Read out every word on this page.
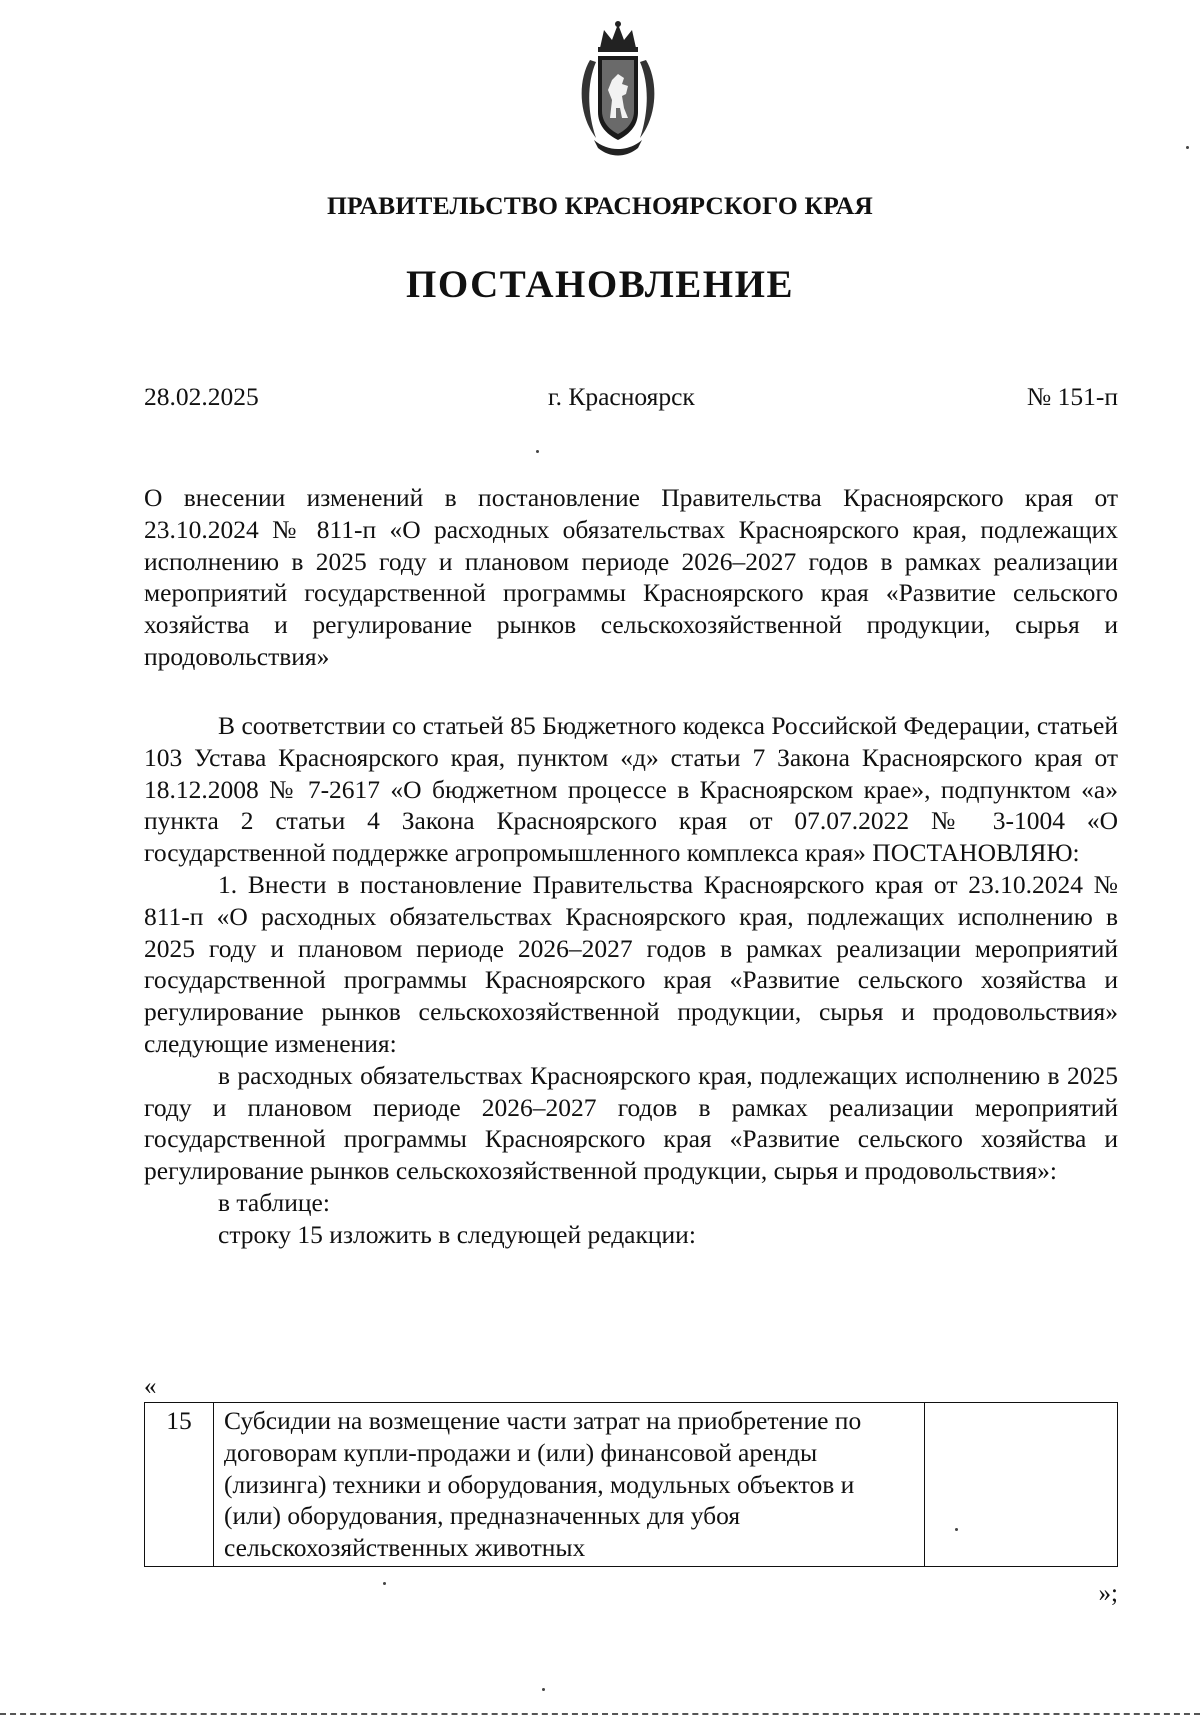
ПРАВИТЕЛЬСТВО КРАСНОЯРСКОГО КРАЯ
ПОСТАНОВЛЕНИЕ
28.02.2025	г. Красноярск	№ 151-п
О внесении изменений в постановление Правительства Красноярского края от 23.10.2024 № 811-п «О расходных обязательствах Красноярского края, подлежащих исполнению в 2025 году и плановом периоде 2026–2027 годов в рамках реализации мероприятий государственной программы Красноярского края «Развитие сельского хозяйства и регулирование рынков сельскохозяйственной продукции, сырья и продовольствия»

В соответствии со статьей 85 Бюджетного кодекса Российской Федерации, статьей 103 Устава Красноярского края, пунктом «д» статьи 7 Закона Красноярского края от 18.12.2008 № 7-2617 «О бюджетном процессе в Красноярском крае», подпунктом «а» пункта 2 статьи 4 Закона Красноярского края от 07.07.2022 № 3-1004 «О государственной поддержке агропромышленного комплекса края» ПОСТАНОВЛЯЮ:

1. Внести в постановление Правительства Красноярского края от 23.10.2024 № 811-п «О расходных обязательствах Красноярского края, подлежащих исполнению в 2025 году и плановом периоде 2026–2027 годов в рамках реализации мероприятий государственной программы Красноярского края «Развитие сельского хозяйства и регулирование рынков сельскохозяйственной продукции, сырья и продовольствия» следующие изменения:

в расходных обязательствах Красноярского края, подлежащих исполнению в 2025 году и плановом периоде 2026–2027 годов в рамках реализации мероприятий государственной программы Красноярского края «Развитие сельского хозяйства и регулирование рынков сельскохозяйственной продукции, сырья и продовольствия»:

в таблице:

строку 15 изложить в следующей редакции:

«
15	Субсидии на возмещение части затрат на приобретение по договорам купли-продажи и (или) финансовой аренды (лизинга) техники и оборудования, модульных объектов и (или) оборудования, предназначенных для убоя сельскохозяйственных животных	
»;
